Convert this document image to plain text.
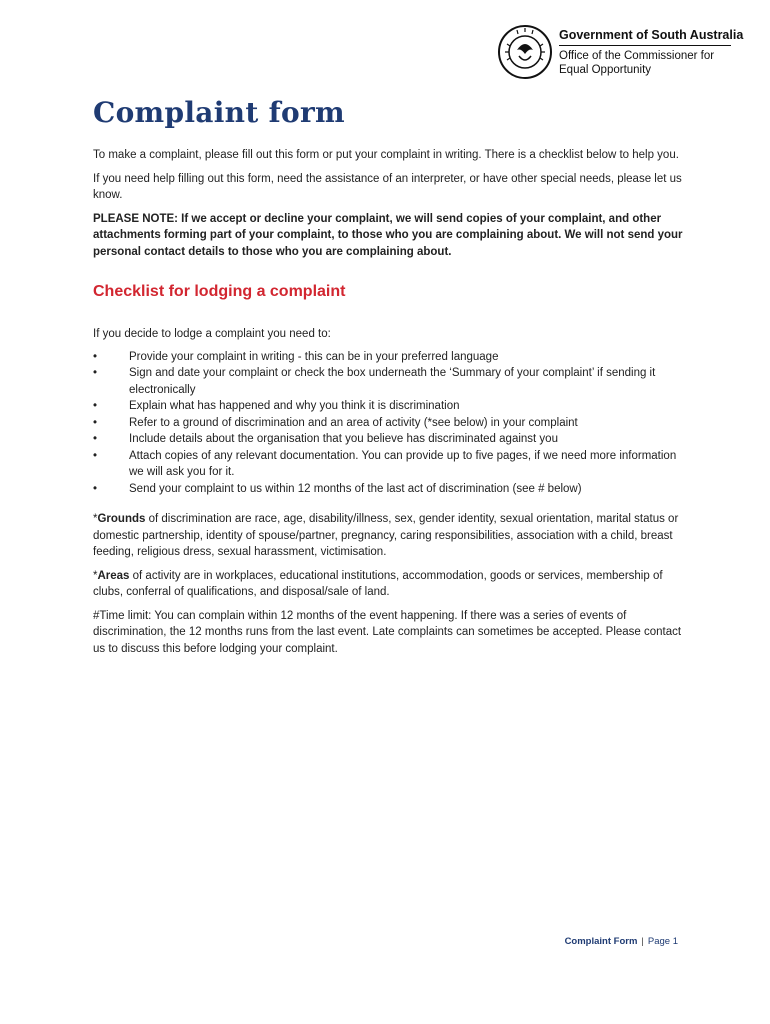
Government of South Australia
Office of the Commissioner for
Equal Opportunity
Complaint form

To make a complaint, please fill out this form or put your complaint in writing. There is a checklist below to help you.

If you need help filling out this form, need the assistance of an interpreter, or have other special needs, please let us know.

PLEASE NOTE: If we accept or decline your complaint, we will send copies of your complaint, and other attachments forming part of your complaint, to those who you are complaining about. We will not send your personal contact details to those who you are complaining about.

Checklist for lodging a complaint

If you decide to lodge a complaint you need to:

•	Provide your complaint in writing - this can be in your preferred language
•	Sign and date your complaint or check the box underneath the ‘Summary of your complaint’ if sending it electronically
•	Explain what has happened and why you think it is discrimination
•	Refer to a ground of discrimination and an area of activity (*see below) in your complaint
•	Include details about the organisation that you believe has discriminated against you
•	Attach copies of any relevant documentation. You can provide up to five pages, if we need more information we will ask you for it.
•	Send your complaint to us within 12 months of the last act of discrimination (see # below)

*Grounds of discrimination are race, age, disability/illness, sex, gender identity, sexual orientation, marital status or domestic partnership, identity of spouse/partner, pregnancy, caring responsibilities, association with a child, breast feeding, religious dress, sexual harassment, victimisation.

*Areas of activity are in workplaces, educational institutions, accommodation, goods or services, membership of clubs, conferral of qualifications, and disposal/sale of land.

#Time limit: You can complain within 12 months of the event happening. If there was a series of events of discrimination, the 12 months runs from the last event. Late complaints can sometimes be accepted. Please contact us to discuss this before lodging your complaint.

Complaint Form | Page 1
